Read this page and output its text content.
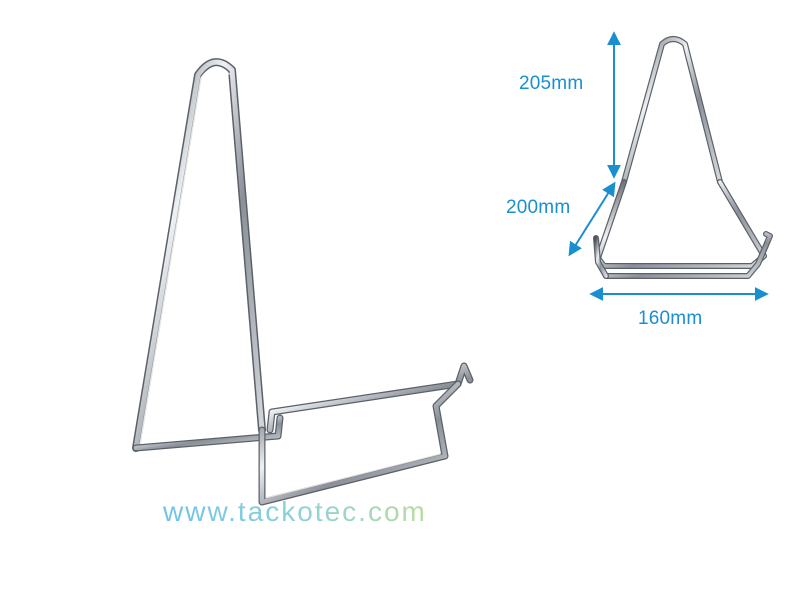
205mm
200mm
160mm
www.tackotec.com
